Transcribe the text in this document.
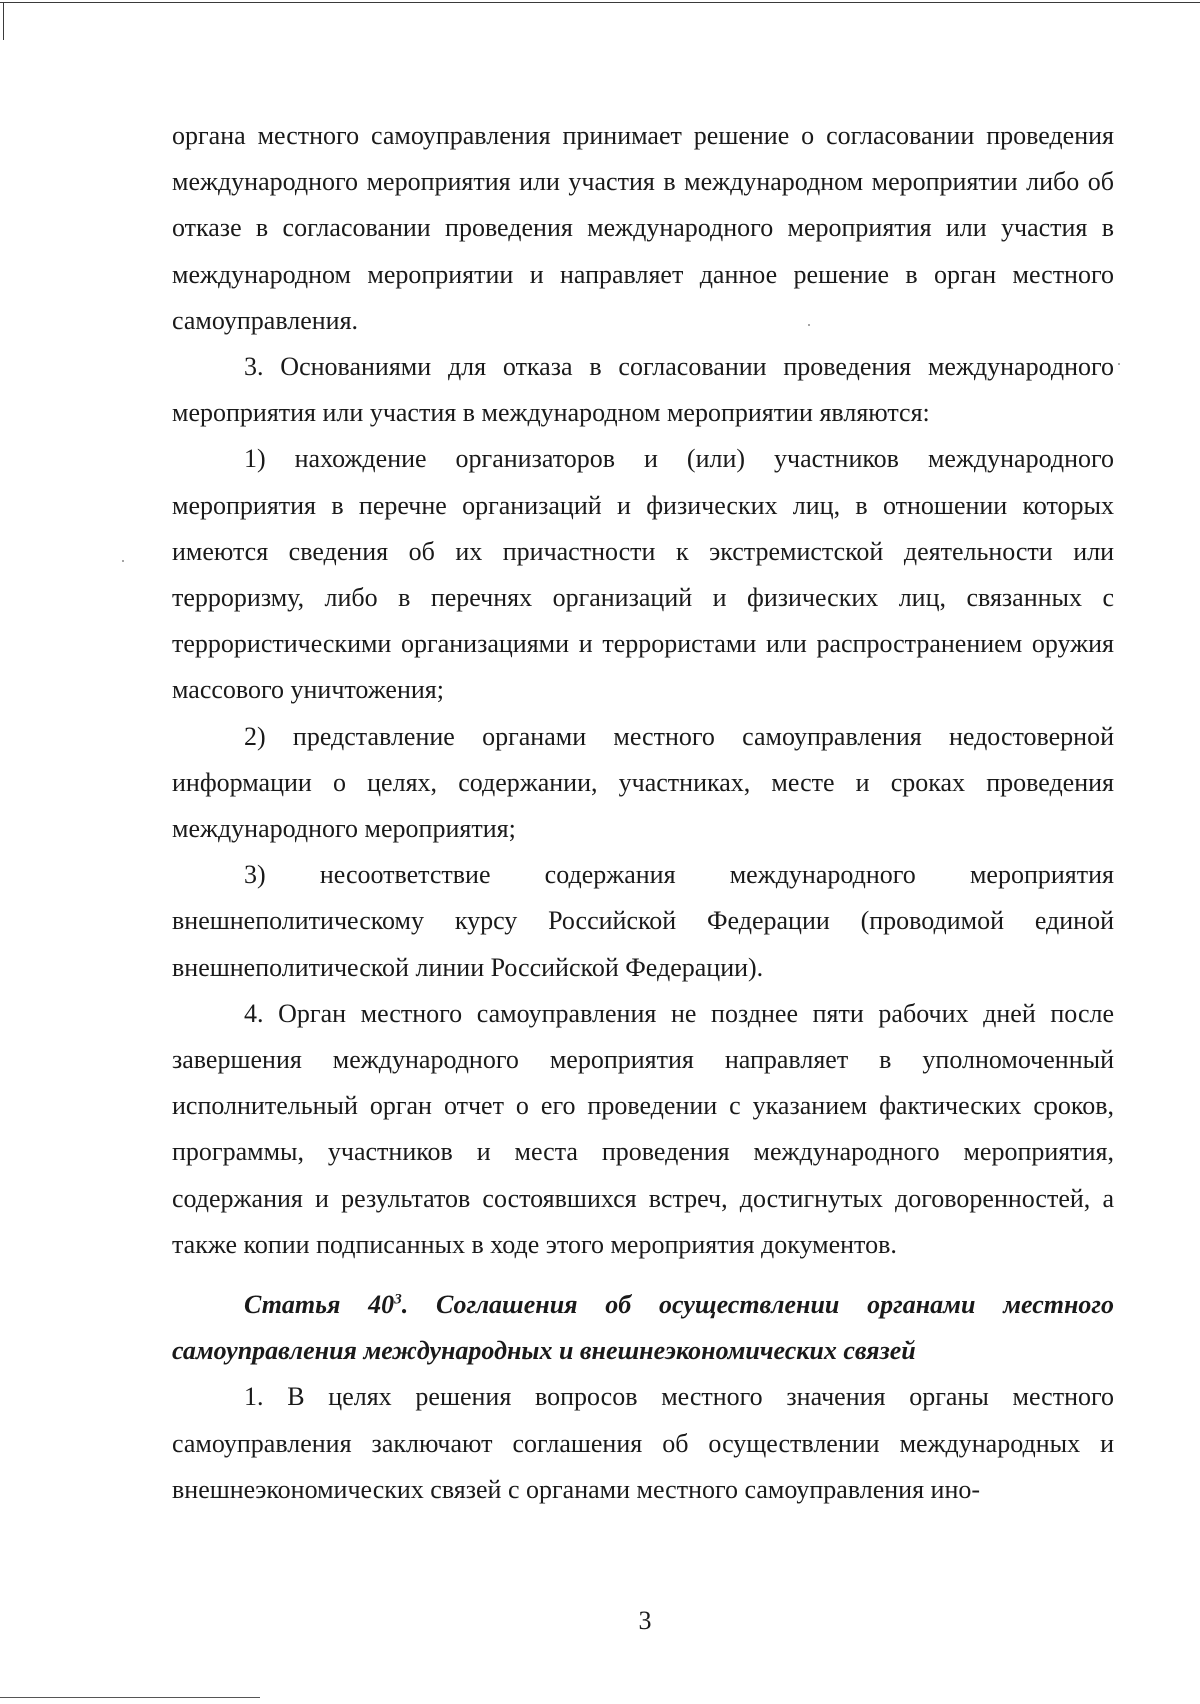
органа местного самоуправления принимает решение о согласовании проведения международного мероприятия или участия в международном мероприятии либо об отказе в согласовании проведения международного мероприятия или участия в международном мероприятии и направляет данное решение в орган местного самоуправления.

3. Основаниями для отказа в согласовании проведения международного мероприятия или участия в международном мероприятии являются:

1) нахождение организаторов и (или) участников международного мероприятия в перечне организаций и физических лиц, в отношении которых имеются сведения об их причастности к экстремистской деятельности или терроризму, либо в перечнях организаций и физических лиц, связанных с террористическими организациями и террористами или распространением оружия массового уничтожения;

2) представление органами местного самоуправления недостоверной информации о целях, содержании, участниках, месте и сроках проведения международного мероприятия;

3) несоответствие содержания международного мероприятия внешнеполитическому курсу Российской Федерации (проводимой единой внешнеполитической линии Российской Федерации).

4. Орган местного самоуправления не позднее пяти рабочих дней после завершения международного мероприятия направляет в уполномоченный исполнительный орган отчет о его проведении с указанием фактических сроков, программы, участников и места проведения международного мероприятия, содержания и результатов состоявшихся встреч, достигнутых договоренностей, а также копии подписанных в ходе этого мероприятия документов.

Статья $40^3$. Соглашения об осуществлении органами местного самоуправления международных и внешнеэкономических связей

1. В целях решения вопросов местного значения органы местного самоуправления заключают соглашения об осуществлении международных и внешнеэкономических связей с органами местного самоуправления ино-

3
